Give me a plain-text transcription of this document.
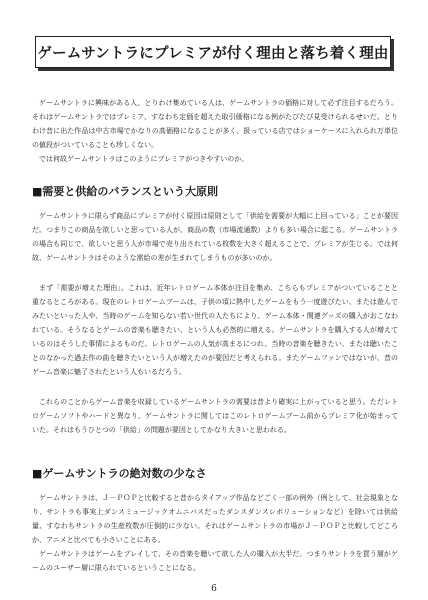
ゲームサントラにプレミアが付く理由と落ち着く理由

ゲームサントラに興味がある人、とりわけ集めている人は、ゲームサントラの価格に対して必ず注目するだろう。それはゲームサントラではプレミア、すなわち定価を超えた取引価格になる例がたびたび見受けられるせいだ。とりわけ昔に出た作品は中古市場でかなりの高価格になることが多く、扱っている店ではショーケースに入れられ万単位の値段がついていることも珍しくない。

では何故ゲームサントラはこのようにプレミアがつきやすいのか。

■需要と供給のバランスという大原則

ゲームサントラに限らず商品にプレミアが付く原因は原則として「供給を需要が大幅に上回っている」ことが要因だ。つまりこの商品を欲しいと思っている人が、商品の数（市場流通数）よりも多い場合に起こる。ゲームサントラの場合も同じで、欲しいと思う人が市場で売り出されている枚数を大きく超えることで、プレミアが生じる。では何故、ゲームサントラはそのような需給の差が生まれてしまうものが多いのか。

まず「需要が増えた理由」。これは、近年レトロゲーム本体が注目を集め、こちらもプレミアがついていることと重なるところがある。現在のレトロゲームブームは、子供の頃に熱中したゲームをもう一度遊びたい、または遊んでみたいといった人や、当時のゲームを知らない若い世代の人たちにより、ゲーム本体・関連グッズの購入がおこなわれている。そうなるとゲームの音楽も聴きたい、という人も必然的に増える。ゲームサントラを購入する人が増えているのはそうした事情によるものだ。レトロゲームの人気が高まるにつれ、当時の音楽を聴きたい、または聴いたことのなかった過去作の曲を聴きたいという人が増えたのが要因だと考えられる。またゲームファンではないが、昔のゲーム音楽に魅了されたという人もいるだろう。

これらのことからゲーム音楽を収録しているゲームサントラの需要は昔より確実に上がっていると思う。ただレトロゲームソフトやハードと異なり、ゲームサントラに関してはこのレトロゲームブーム前からプレミア化が始まっていた。それはもうひとつの「供給」の問題が要因としてかなり大きいと思われる。

■ゲームサントラの絶対数の少なさ

ゲームサントラは、Ｊ－ＰＯＰと比較すると昔からタイアップ作品などごく一部の例外（例として、社会現象となり、サントラも事実上ダンスミュージックオムニバスだったダンスダンスレボリューションなど）を除いては供給量、すなわちサントラの生産枚数が圧倒的に少ない。それはゲームサントラの市場がＪ－ＰＯＰと比較してどころか、アニメと比べても小さいことにある。

ゲームサントラはゲームをプレイして、その音楽を聴いて欲した人の購入が大半だ。つまりサントラを買う層がゲームのユーザー層に限られているということになる。

6
